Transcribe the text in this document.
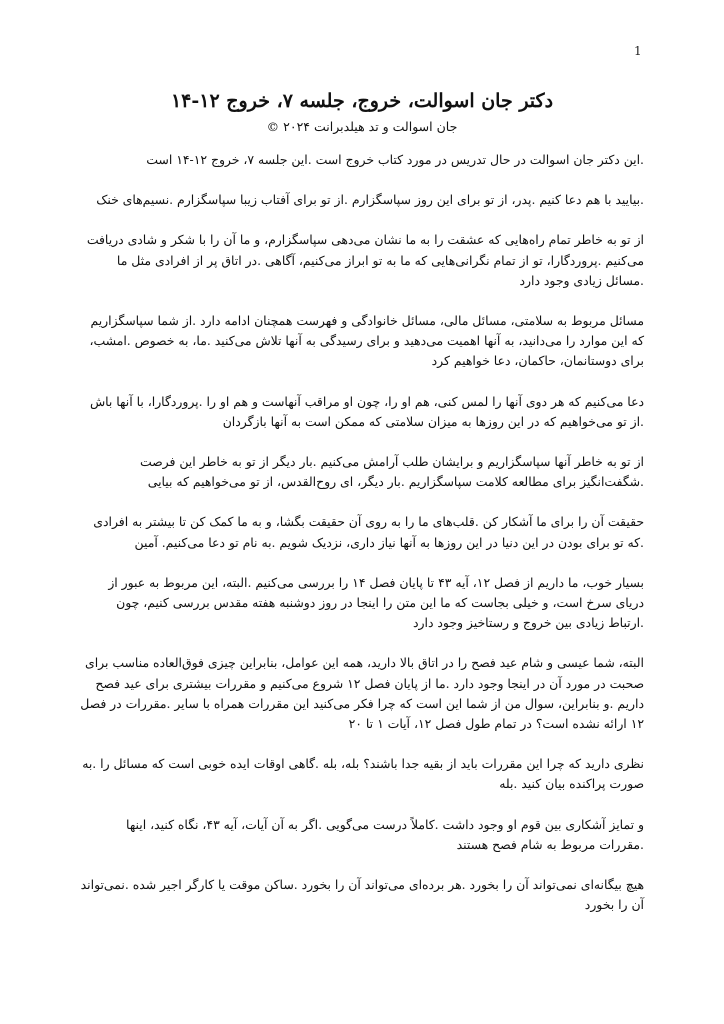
1
دکتر جان اسوالت، خروج، جلسه ۷، خروج ۱۲-۱۴
جان اسوالت و تد هیلدبرانت ۲۰۲۴ ©

.این دکتر جان اسوالت در حال تدریس در مورد کتاب خروج است .این جلسه ۷، خروج ۱۲-۱۴ است

.بیایید با هم دعا کنیم .پدر، از تو برای این روز سپاسگزارم .از تو برای آفتاب زیبا سپاسگزارم .نسیم‌های خنک

از تو به خاطر تمام راه‌هایی که عشقت را به ما نشان می‌دهی سپاسگزارم، و ما آن را با شکر و شادی دریافت می‌کنیم .پروردگارا، تو از تمام نگرانی‌هایی که ما به تو ابراز می‌کنیم، آگاهی .در اتاق پر از افرادی مثل ما .مسائل زیادی وجود دارد

مسائل مربوط به سلامتی، مسائل مالی، مسائل خانوادگی و فهرست همچنان ادامه دارد .از شما سپاسگزاریم که این موارد را می‌دانید، به آنها اهمیت می‌دهید و برای رسیدگی به آنها تلاش می‌کنید .ما، به خصوص .امشب، برای دوستانمان، حاکمان، دعا خواهیم کرد

دعا می‌کنیم که هر دوی آنها را لمس کنی، هم او را، چون او مراقب آنهاست و هم او را .پروردگارا، با آنها باش .از تو می‌خواهیم که در این روزها به میزان سلامتی که ممکن است به آنها بازگردان

از تو به خاطر آنها سپاسگزاریم و برایشان طلب آرامش می‌کنیم .بار دیگر از تو به خاطر این فرصت .شگفت‌انگیز برای مطالعه کلامت سپاسگزاریم .بار دیگر، ای روح‌القدس، از تو می‌خواهیم که بیایی

حقیقت آن را برای ما آشکار کن .قلب‌های ما را به روی آن حقیقت بگشا، و به ما کمک کن تا بیشتر به افرادی .که تو برای بودن در این دنیا در این روزها به آنها نیاز داری، نزدیک شویم .به نام تو دعا می‌کنیم. آمین

بسیار خوب، ما داریم از فصل ۱۲، آیه ۴۳ تا پایان فصل ۱۴ را بررسی می‌کنیم .البته، این مربوط به عبور از دریای سرخ است، و خیلی بجاست که ما این متن را اینجا در روز دوشنبه هفته مقدس بررسی کنیم، چون .ارتباط زیادی بین خروج و رستاخیز وجود دارد

البته، شما عیسی و شام عید فصح را در اتاق بالا دارید، همه این عوامل، بنابراین چیزی فوق‌العاده مناسب برای صحبت در مورد آن در اینجا وجود دارد .ما از پایان فصل ۱۲ شروع می‌کنیم و مقررات بیشتری برای عید فصح داریم .و بنابراین، سوال من از شما این است که چرا فکر می‌کنید این مقررات همراه با سایر .مقررات در فصل ۱۲ ارائه نشده است؟ در تمام طول فصل ۱۲، آیات ۱ تا ۲۰

نظری دارید که چرا این مقررات باید از بقیه جدا باشند؟ بله، بله .گاهی اوقات ایده خوبی است که مسائل را .به صورت پراکنده بیان کنید .بله

و تمایز آشکاری بین قوم او وجود داشت .کاملاً درست می‌گویی .اگر به آن آیات، آیه ۴۳، نگاه کنید، اینها .مقررات مربوط به شام فصح هستند

هیچ بیگانه‌ای نمی‌تواند آن را بخورد .هر برده‌ای می‌تواند آن را بخورد .ساکن موقت یا کارگر اجیر شده .نمی‌تواند آن را بخورد
